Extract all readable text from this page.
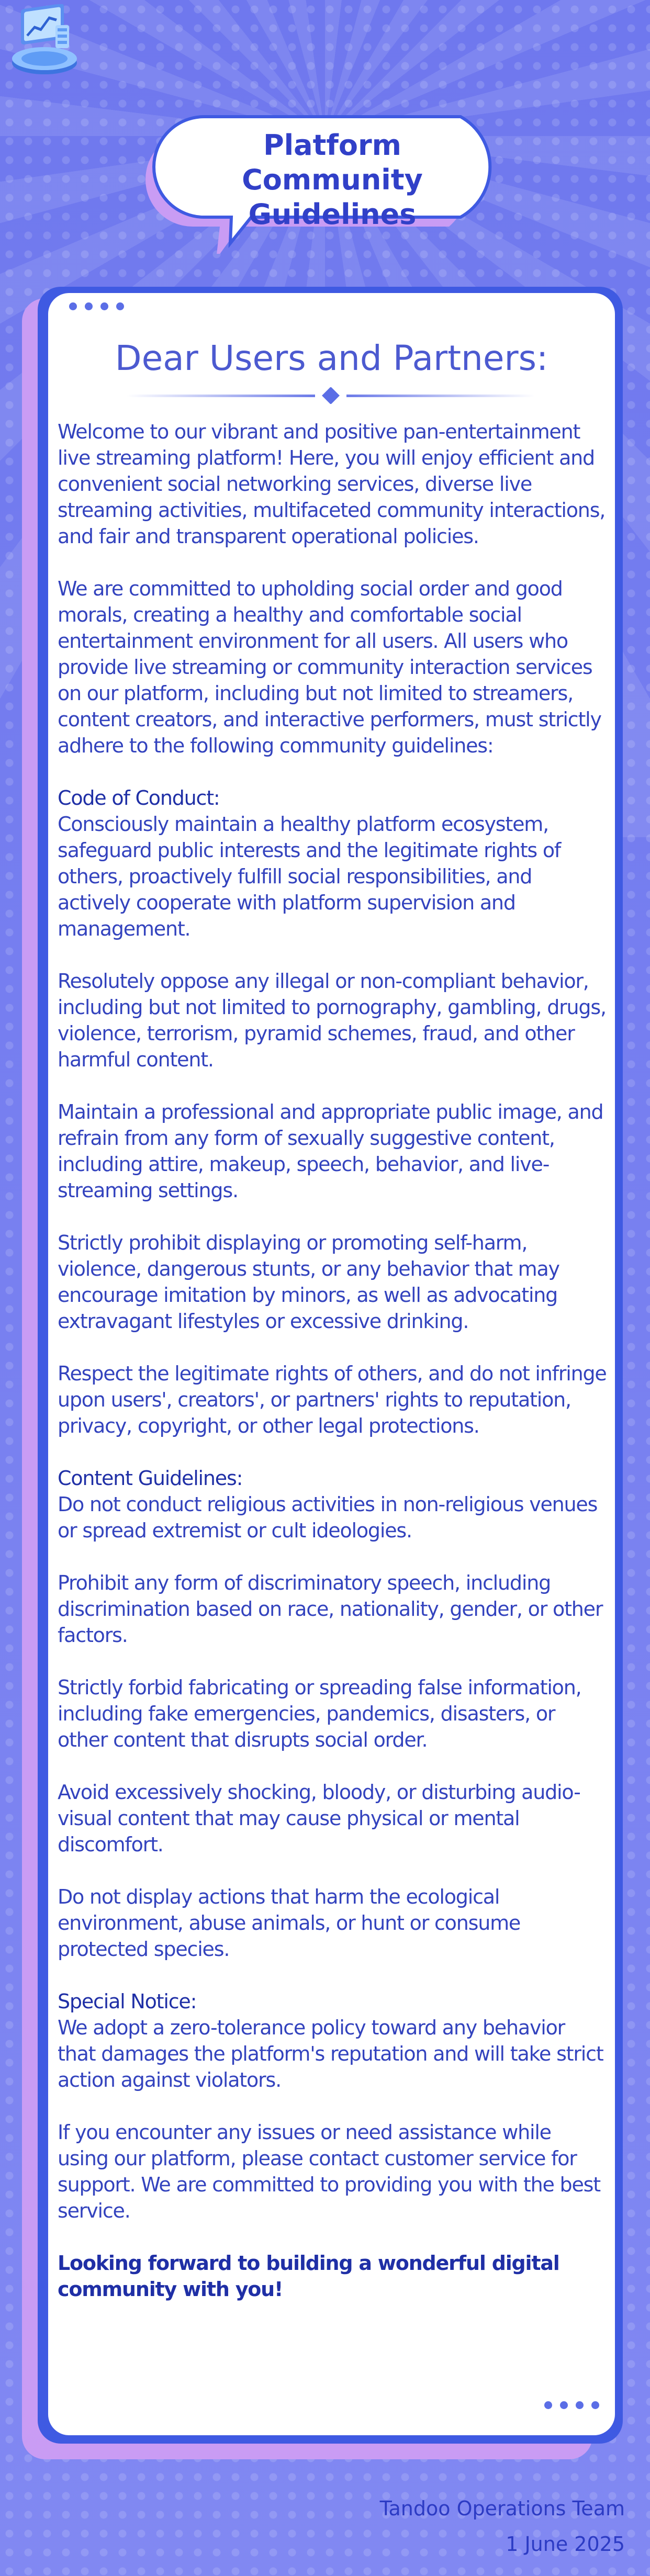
Platform Community
Guidelines
Dear Users and Partners:

Welcome to our vibrant and positive pan-entertainment live streaming platform! Here, you will enjoy efficient and convenient social networking services, diverse live streaming activities, multifaceted community interactions, and fair and transparent operational policies.

We are committed to upholding social order and good morals, creating a healthy and comfortable social entertainment environment for all users. All users who provide live streaming or community interaction services on our platform, including but not limited to streamers, content creators, and interactive performers, must strictly adhere to the following community guidelines:

Code of Conduct:

Consciously maintain a healthy platform ecosystem, safeguard public interests and the legitimate rights of others, proactively fulfill social responsibilities, and actively cooperate with platform supervision and management.

Resolutely oppose any illegal or non-compliant behavior, including but not limited to pornography, gambling, drugs, violence, terrorism, pyramid schemes, fraud, and other harmful content.

Maintain a professional and appropriate public image, and refrain from any form of sexually suggestive content, including attire, makeup, speech, behavior, and live-streaming settings.

Strictly prohibit displaying or promoting self-harm, violence, dangerous stunts, or any behavior that may encourage imitation by minors, as well as advocating extravagant lifestyles or excessive drinking.

Respect the legitimate rights of others, and do not infringe upon users', creators', or partners' rights to reputation, privacy, copyright, or other legal protections.

Content Guidelines:

Do not conduct religious activities in non-religious venues or spread extremist or cult ideologies.

Prohibit any form of discriminatory speech, including discrimination based on race, nationality, gender, or other factors.

Strictly forbid fabricating or spreading false information, including fake emergencies, pandemics, disasters, or other content that disrupts social order.

Avoid excessively shocking, bloody, or disturbing audio-visual content that may cause physical or mental discomfort.

Do not display actions that harm the ecological environment, abuse animals, or hunt or consume protected species.

Special Notice:

We adopt a zero-tolerance policy toward any behavior that damages the platform's reputation and will take strict action against violators.

If you encounter any issues or need assistance while using our platform, please contact customer service for support. We are committed to providing you with the best service.

Looking forward to building a wonderful digital community with you!

Tandoo Operations Team
1 June 2025
